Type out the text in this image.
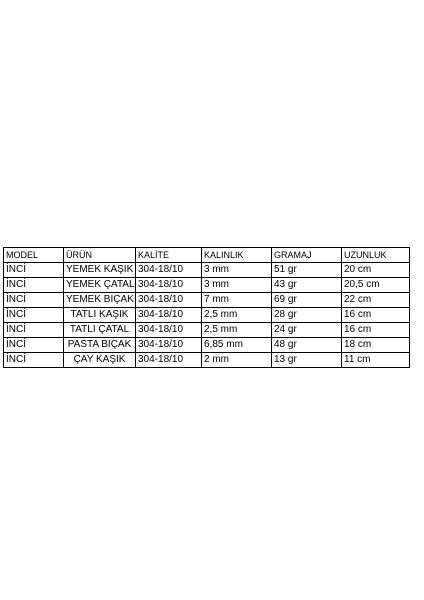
MODEL	ÜRÜN	KALİTE	KALINLIK	GRAMAJ	UZUNLUK
İNCİ	YEMEK KAŞIK	304-18/10	3 mm	51 gr	20 cm
İNCİ	YEMEK ÇATAL	304-18/10	3 mm	43 gr	20,5 cm
İNCİ	YEMEK BIÇAK	304-18/10	7 mm	69 gr	22 cm
İNCİ	TATLI KAŞIK	304-18/10	2,5 mm	28 gr	16 cm
İNCİ	TATLI ÇATAL	304-18/10	2,5 mm	24 gr	16 cm
İNCİ	PASTA BIÇAK	304-18/10	6,85 mm	48 gr	18 cm
İNCİ	ÇAY KAŞIK	304-18/10	2 mm	13 gr	11 cm
